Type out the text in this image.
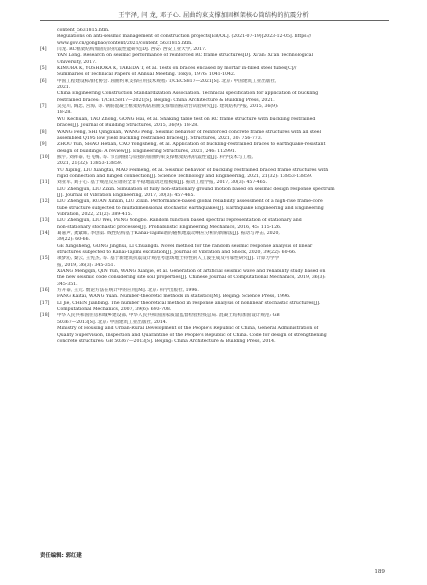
王宇泽, 闫 龙, 邓子心. 屈曲约束支撑加固框架核心筒结构的抗震分析
content_5631815.htm.
Regulations on anti-seismic management of construction projects[EB/OL]. (2021-07-19)[2023-12-05]. https://
www.gov.cn/gongbao/content/2021/content_5631815.htm.
[4]	闫龙. RC框架结构加固后的抗震性能研究[D]. 西安: 西安工业大学, 2017.
YAN Long. Research on seismic performance of reinforced RC frame structures[D]. Xi'an: Xi'an Technological
University, 2017.
[5]	KIMURA K, YOSHIOKA K, TAKEDA T, et al. Tests on braces encased by mortar in-filled steel tubes[C]//
Summaries of Technical Papers of Annual Meeting. Tokyo, 1976: 1041-1042.
[6]	中国工程建设标准化协会. 屈曲约束支撑应用技术规程: T/CECS817—2021[S]. 北京: 中国建筑工业出版社,
2021.
China Engineering Construction Standardization Association. Technical specification for application of buckling
restrained braces: T/CECS817—2021[S]. Beijing: China Architecture & Building Press, 2021.
[7]	吴克川, 陶忠, 宫海, 等. 钢筋混凝土框架结构防屈曲支撑加固振动台试验研究[J]. 建筑结构学报, 2015, 36(9):
18-28.
WU Kechuan, TAO Zhong, GONG Hai, et al. Shaking table test on RC frame structure with buckling restrained
braces[J]. Journal of Building Structures, 2015, 36(9): 18-28.
[8]	WANG Feng, SHI Qingxuan, WANG Peng. Seismic behavior of reinforced concrete frame structures with all steel
assembled Q195 low yield buckling restrained braces[J]. Structures, 2021, 30: 756-773.
[9]	ZHOU Yun, SHAO Hetian, CAO Yongsheng, et al. Application of buckling-restrained braces to earthquake-resistant
design of buildings: A review[J]. Engineering Structures, 2021, 246: 112991.
[10]	熊宇, 刘祥泰, 毛飞梅, 等. 节点刚接与铰接的屈曲约束支撑框架结构抗震性能[J]. 科学技术与工程,
2021, 21(32): 13853-13859.
YU Xiping, LIU Xiangtai, MAO Feimeng, et al. Seismic behavior of buckling restrained braced frame structures with
rigid connection and hinged connection[J]. Science Technology and Engineering, 2021, 21(32): 13853-13859.
[11]	刘亚军, 刘子心. 基于规范反应谱的全非平稳地震动过程模拟[J]. 振动工程学报, 2017, 30(3): 457-465.
LIU Zhengjun, LIU Zixin. Simulation of fully non-stationary ground motion based on seismic design response spectrum
[J]. Journal of Vibration Engineering, 2017, 30(3): 457-465.
[12]	LIU Zhengjun, RUAN Xinxin, LIU Zixin. Performance-based global reliability assessment of a high-rise frame-core
tube structure subjected to multidimensional stochastic earthquakes[J]. Earthquake Engineering and Engineering
Vibration, 2022, 21(2): 389-415.
[13]	LIU Zhengjun, LIU Wei, PENG Yongbo. Random function based spectral representation of stationary and
non-stationary stochastic processes[J]. Probabilistic Engineering Mechanics, 2016, 45: 115-126.
[14]	葛嘉声, 龚紧晖, 李创第. 线性结构基于Kanai-Tajimi谱的随机地震动响应分析的新解法[J]. 振动与冲击, 2020,
39(22): 60-66.
GE Xingsheng, GONG Jinghui, LI Chuangdi. Novel method for the random seismic response analysis of linear
structures subjected to Kanai-Tajimi excitation[J]. Journal of Vibration and Shock, 2020, 39(22): 60-66.
[15]	项梦沁, 秦云, 王宪杰, 等. 基于新建筑抗震设计规范考虑场地土特性的人工波生成及可靠性研究[J]. 计算力学学
报, 2019, 36(3): 345-351.
XIANG Mengqin, QIN Yun, WANG Xianjie, et al. Generation of artificial seismic wave and reliability study based on
the new seismic code considering site soil properties[J]. Chinese Journal of Computational Mechanics, 2019, 36(3):
345-351.
[16]	方开泰, 王元. 数论方法在统计中的应用[M]. 北京: 科学出版社, 1996.
FANG Kaitai, WANG Yuan. Number-theoretic methods in statistics[M]. Beijing: Science Press, 1996.
[17]	LI Jie, CHEN Jianbing. The number theoretical method in response analysis of nonlinear stochastic structures[J].
Computational Mechanics, 2007, 39(6): 693-708.
[18]	中华人民共和国住房和城乡建设部, 中华人民共和国国家质量监督检验检疫总局. 混凝土结构加固设计规范: GB
50367—2013[S]. 北京: 中国建筑工业出版社, 2014.
Ministry of Housing and Urban-Rural Development of the People's Republic of China, General Administration of
Quality Supervision, Inspection and Quarantine of the People's Republic of China. Code for design of strengthening
concrete structures: GB 50367—2013[S]. Beijing: China Architecture & Building Press, 2014.
责任编辑: 郭红建
189
